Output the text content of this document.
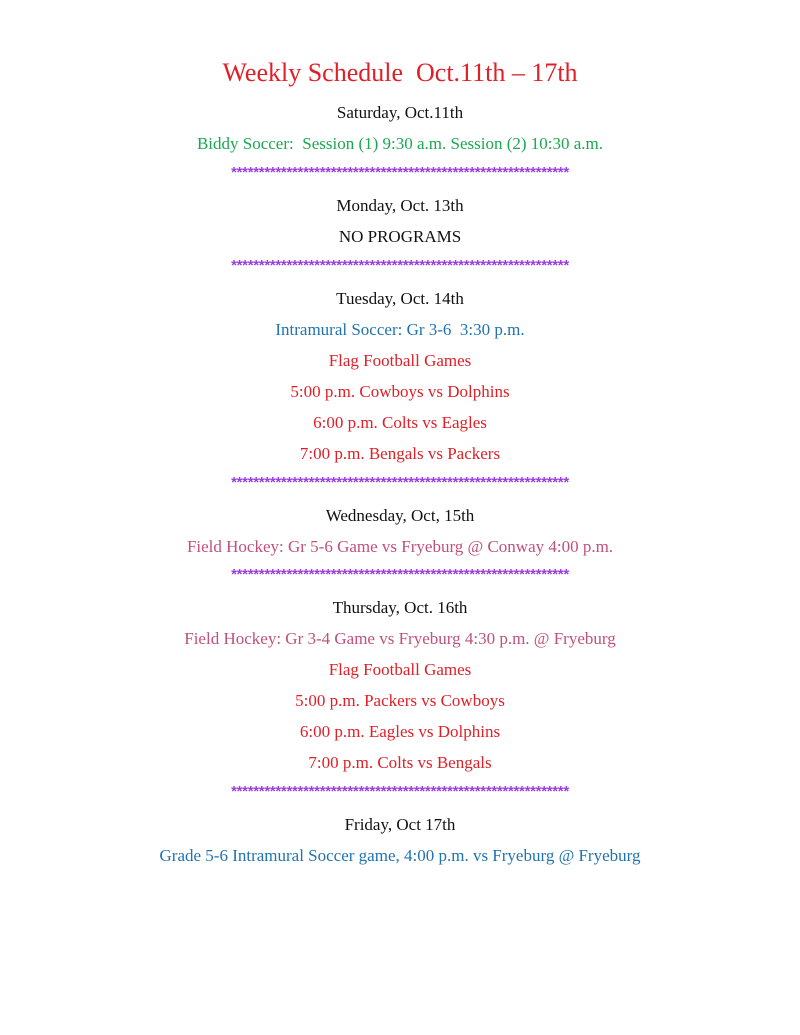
Weekly Schedule  Oct.11th – 17th
Saturday, Oct.11th
Biddy Soccer:  Session (1) 9:30 a.m. Session (2) 10:30 a.m.
*************************************************************
Monday, Oct. 13th
NO PROGRAMS
*************************************************************
Tuesday, Oct. 14th
Intramural Soccer: Gr 3-6  3:30 p.m.
Flag Football Games
5:00 p.m. Cowboys vs Dolphins
6:00 p.m. Colts vs Eagles
7:00 p.m. Bengals vs Packers
*************************************************************
Wednesday, Oct, 15th
Field Hockey: Gr 5-6 Game vs Fryeburg @ Conway 4:00 p.m.
*************************************************************
Thursday, Oct. 16th
Field Hockey: Gr 3-4 Game vs Fryeburg 4:30 p.m. @ Fryeburg
Flag Football Games
5:00 p.m. Packers vs Cowboys
6:00 p.m. Eagles vs Dolphins
7:00 p.m. Colts vs Bengals
*************************************************************
Friday, Oct 17th
Grade 5-6 Intramural Soccer game, 4:00 p.m. vs Fryeburg @ Fryeburg
